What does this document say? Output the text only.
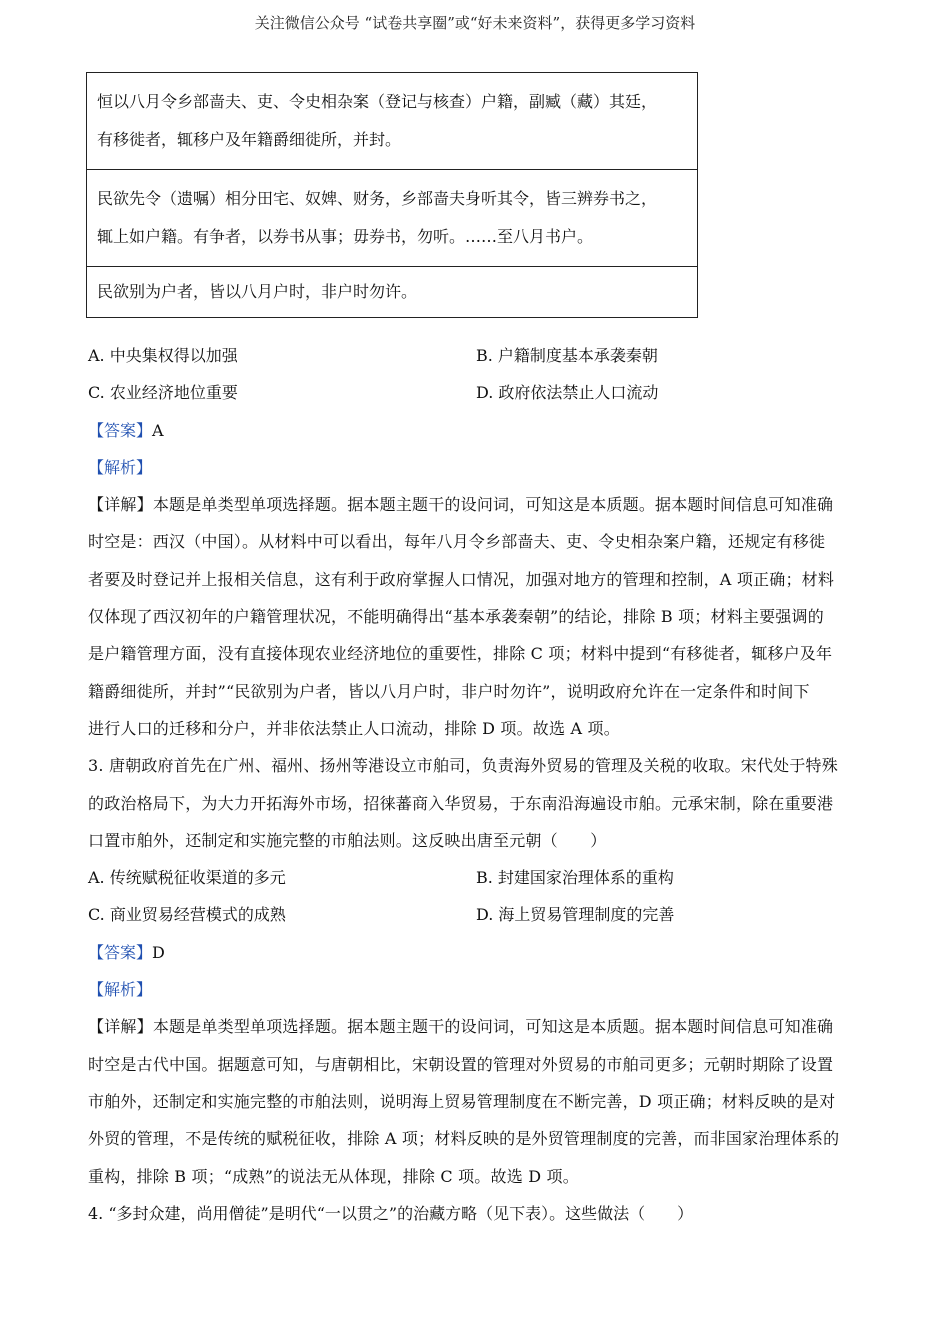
关注微信公众号 “试卷共享圈”或“好未来资料”，获得更多学习资料
恒以八月令乡部啬夫、吏、令史相杂案（登记与核查）户籍，副臧（藏）其廷，
有移徙者，辄移户及年籍爵细徙所，并封。

民欲先令（遗嘱）相分田宅、奴婢、财务，乡部啬夫身听其令，皆三辨券书之，
辄上如户籍。有争者，以券书从事；毋券书，勿听。……至八月书户。

民欲别为户者，皆以八月户时，非户时勿许。
A. 中央集权得以加强	B. 户籍制度基本承袭秦朝
C. 农业经济地位重要	D. 政府依法禁止人口流动
【答案】A
【解析】
【详解】本题是单类型单项选择题。据本题主题干的设问词，可知这是本质题。据本题时间信息可知准确
时空是：西汉（中国）。从材料中可以看出，每年八月令乡部啬夫、吏、令史相杂案户籍，还规定有移徙
者要及时登记并上报相关信息，这有利于政府掌握人口情况，加强对地方的管理和控制，A 项正确；材料
仅体现了西汉初年的户籍管理状况，不能明确得出“基本承袭秦朝”的结论，排除 B 项；材料主要强调的
是户籍管理方面，没有直接体现农业经济地位的重要性，排除 C 项；材料中提到“有移徙者，辄移户及年
籍爵细徙所，并封”“民欲别为户者，皆以八月户时，非户时勿许”，说明政府允许在一定条件和时间下
进行人口的迁移和分户，并非依法禁止人口流动，排除 D 项。故选 A 项。
3. 唐朝政府首先在广州、福州、扬州等港设立市舶司，负责海外贸易的管理及关税的收取。宋代处于特殊
的政治格局下，为大力开拓海外市场，招徕蕃商入华贸易，于东南沿海遍设市舶。元承宋制，除在重要港
口置市舶外，还制定和实施完整的市舶法则。这反映出唐至元朝（　　）
A. 传统赋税征收渠道的多元	B. 封建国家治理体系的重构
C. 商业贸易经营模式的成熟	D. 海上贸易管理制度的完善
【答案】D
【解析】
【详解】本题是单类型单项选择题。据本题主题干的设问词，可知这是本质题。据本题时间信息可知准确
时空是古代中国。据题意可知，与唐朝相比，宋朝设置的管理对外贸易的市舶司更多；元朝时期除了设置
市舶外，还制定和实施完整的市舶法则，说明海上贸易管理制度在不断完善，D 项正确；材料反映的是对
外贸的管理，不是传统的赋税征收，排除 A 项；材料反映的是外贸管理制度的完善，而非国家治理体系的
重构，排除 B 项；“成熟”的说法无从体现，排除 C 项。故选 D 项。
4. “多封众建，尚用僧徒”是明代“一以贯之”的治藏方略（见下表）。这些做法（　　）
